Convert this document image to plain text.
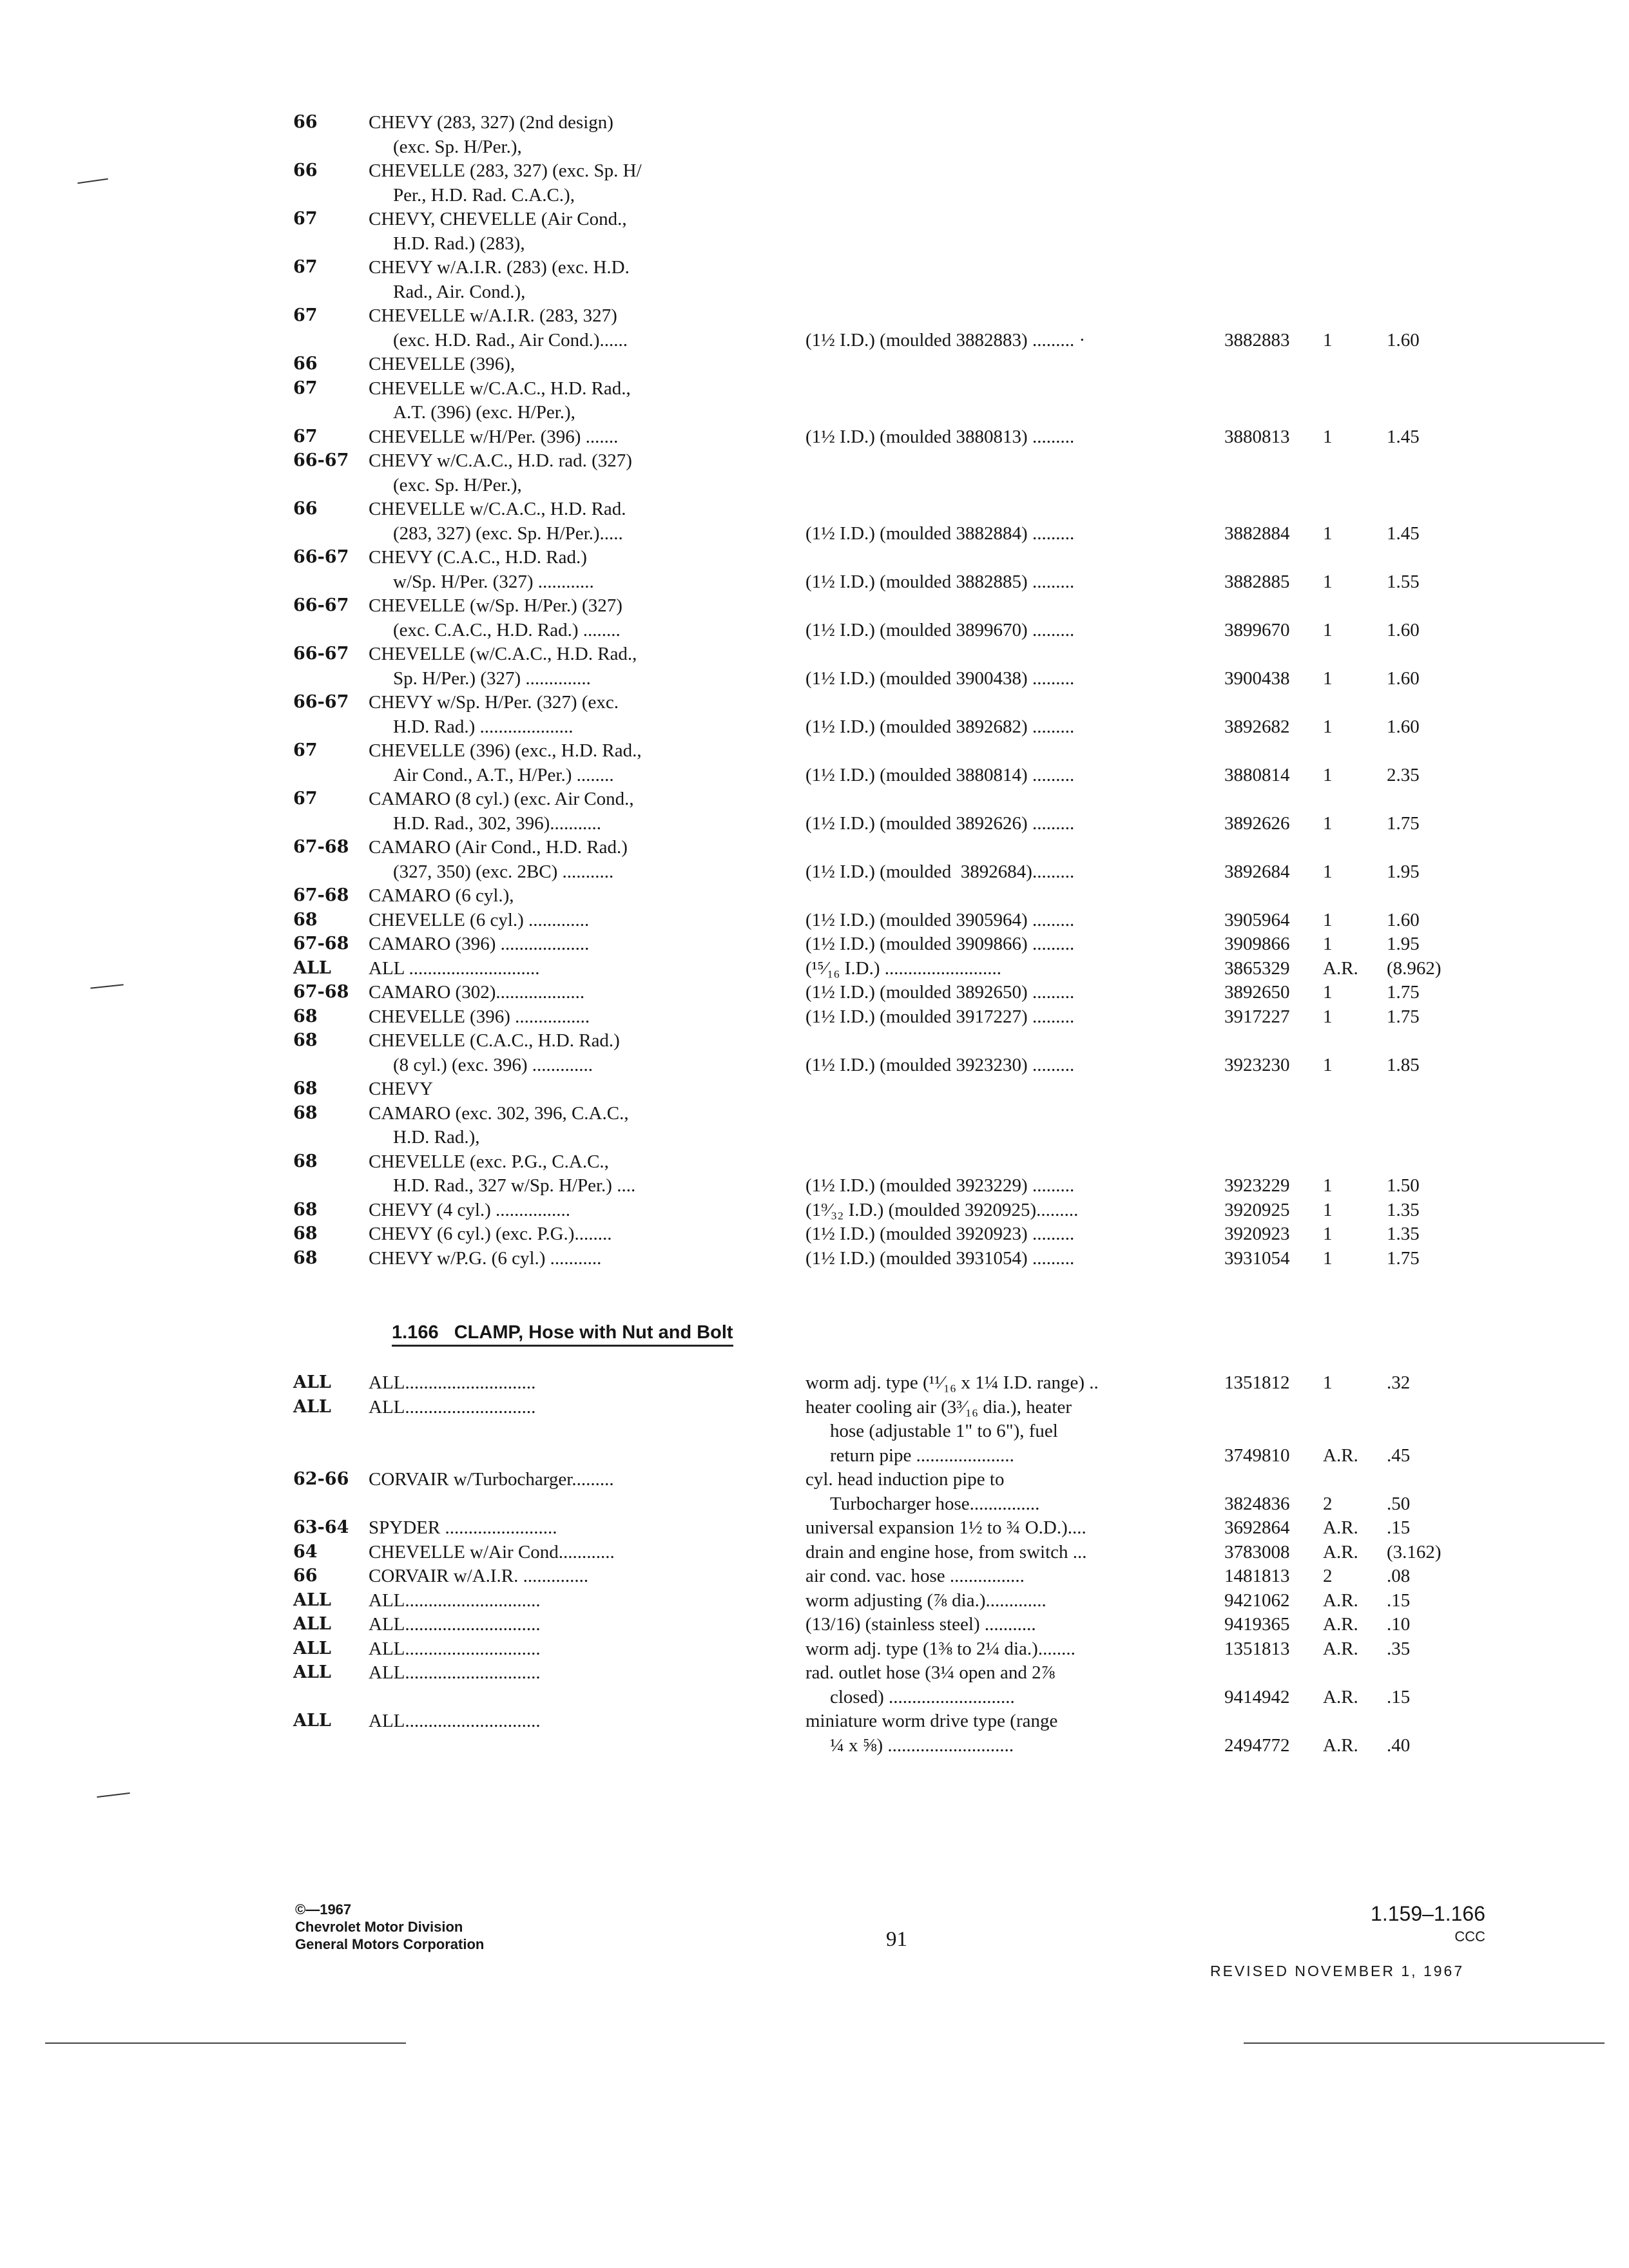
66	CHEVY (283, 327) (2nd design)
(exc. Sp. H/Per.),
66	CHEVELLE (283, 327) (exc. Sp. H/
Per., H.D. Rad. C.A.C.),
67	CHEVY, CHEVELLE (Air Cond.,
H.D. Rad.) (283),
67	CHEVY w/A.I.R. (283) (exc. H.D.
Rad., Air. Cond.),
67	CHEVELLE w/A.I.R. (283, 327)
(exc. H.D. Rad., Air Cond.)......	(1½ I.D.) (moulded 3882883) ......... ·	3882883 1	1.60
66	CHEVELLE (396),
67	CHEVELLE w/C.A.C., H.D. Rad.,
A.T. (396) (exc. H/Per.),
67	CHEVELLE w/H/Per. (396) .......	(1½ I.D.) (moulded 3880813) .........	3880813 1	1.45
66-67 CHEVY w/C.A.C., H.D. rad. (327)
(exc. Sp. H/Per.),
66	CHEVELLE w/C.A.C., H.D. Rad.
(283, 327) (exc. Sp. H/Per.).....	(1½ I.D.) (moulded 3882884) .........	3882884 1	1.45
66-67 CHEVY (C.A.C., H.D. Rad.)
w/Sp. H/Per. (327) ............	(1½ I.D.) (moulded 3882885) .........	3882885 1	1.55
66-67 CHEVELLE (w/Sp. H/Per.) (327)
(exc. C.A.C., H.D. Rad.) ........	(1½ I.D.) (moulded 3899670) .........	3899670 1	1.60
66-67 CHEVELLE (w/C.A.C., H.D. Rad.,
Sp. H/Per.) (327) ..............	(1½ I.D.) (moulded 3900438) .........	3900438 1	1.60
66-67 CHEVY w/Sp. H/Per. (327) (exc.
H.D. Rad.) ....................	(1½ I.D.) (moulded 3892682) .........	3892682 1	1.60
67	CHEVELLE (396) (exc., H.D. Rad.,
Air Cond., A.T., H/Per.) ........	(1½ I.D.) (moulded 3880814) .........	3880814 1	2.35
67	CAMARO (8 cyl.) (exc. Air Cond.,
H.D. Rad., 302, 396)...........	(1½ I.D.) (moulded 3892626) .........	3892626 1	1.75
67-68 CAMARO (Air Cond., H.D. Rad.)
(327, 350) (exc. 2BC) ...........	(1½ I.D.) (moulded  3892684).........	3892684 1	1.95
67-68 CAMARO (6 cyl.),
68	CHEVELLE (6 cyl.) .............	(1½ I.D.) (moulded 3905964) .........	3905964 1	1.60
67-68 CAMARO (396) ...................	(1½ I.D.) (moulded 3909866) .........	3909866 1	1.95
ALL ALL ............................	(¹⁵⁄₁₆ I.D.) .........................	3865329 A.R. (8.962)
67-68 CAMARO (302)...................	(1½ I.D.) (moulded 3892650) .........	3892650 1	1.75
68	CHEVELLE (396) ................	(1½ I.D.) (moulded 3917227) .........	3917227 1	1.75
68	CHEVELLE (C.A.C., H.D. Rad.)
(8 cyl.) (exc. 396) .............	(1½ I.D.) (moulded 3923230) .........	3923230 1	1.85
68	CHEVY
68	CAMARO (exc. 302, 396, C.A.C.,
H.D. Rad.),
68	CHEVELLE (exc. P.G., C.A.C.,
H.D. Rad., 327 w/Sp. H/Per.) ....	(1½ I.D.) (moulded 3923229) .........	3923229 1	1.50
68	CHEVY (4 cyl.) ................	(1⁹⁄₃₂ I.D.) (moulded 3920925).........	3920925 1	1.35
68	CHEVY (6 cyl.) (exc. P.G.)........	(1½ I.D.) (moulded 3920923) .........	3920923 1	1.35
68	CHEVY w/P.G. (6 cyl.) ...........	(1½ I.D.) (moulded 3931054) .........	3931054 1	1.75
1.166   CLAMP, Hose with Nut and Bolt
ALL ALL............................	worm adj. type (¹¹⁄₁₆ x 1¼ I.D. range) ..	1351812 1	.32
ALL ALL............................	heater cooling air (3³⁄₁₆ dia.), heater
hose (adjustable 1" to 6"), fuel
return pipe .....................	3749810 A.R. .45
62-66 CORVAIR w/Turbocharger.........	cyl. head induction pipe to
Turbocharger hose...............	3824836 2	.50
63-64 SPYDER ........................	universal expansion 1½ to ¾ O.D.)....	3692864 A.R. .15
64	CHEVELLE w/Air Cond............	drain and engine hose, from switch ...	3783008 A.R. (3.162)
66	CORVAIR w/A.I.R. ..............	air cond. vac. hose ................	1481813 2	.08
ALL ALL.............................	worm adjusting (⅞ dia.).............	9421062 A.R. .15
ALL ALL.............................	(13/16) (stainless steel) ...........	9419365 A.R. .10
ALL ALL.............................	worm adj. type (1⅜ to 2¼ dia.)........	1351813 A.R. .35
ALL ALL.............................	rad. outlet hose (3¼ open and 2⅞
closed) ...........................	9414942 A.R. .15
ALL ALL.............................	miniature worm drive type (range
¼ x ⅝) ...........................	2494772 A.R. .40
©—1967
Chevrolet Motor Division
General Motors Corporation	91
1.159–1.166
CCC
REVISED NOVEMBER 1, 1967
